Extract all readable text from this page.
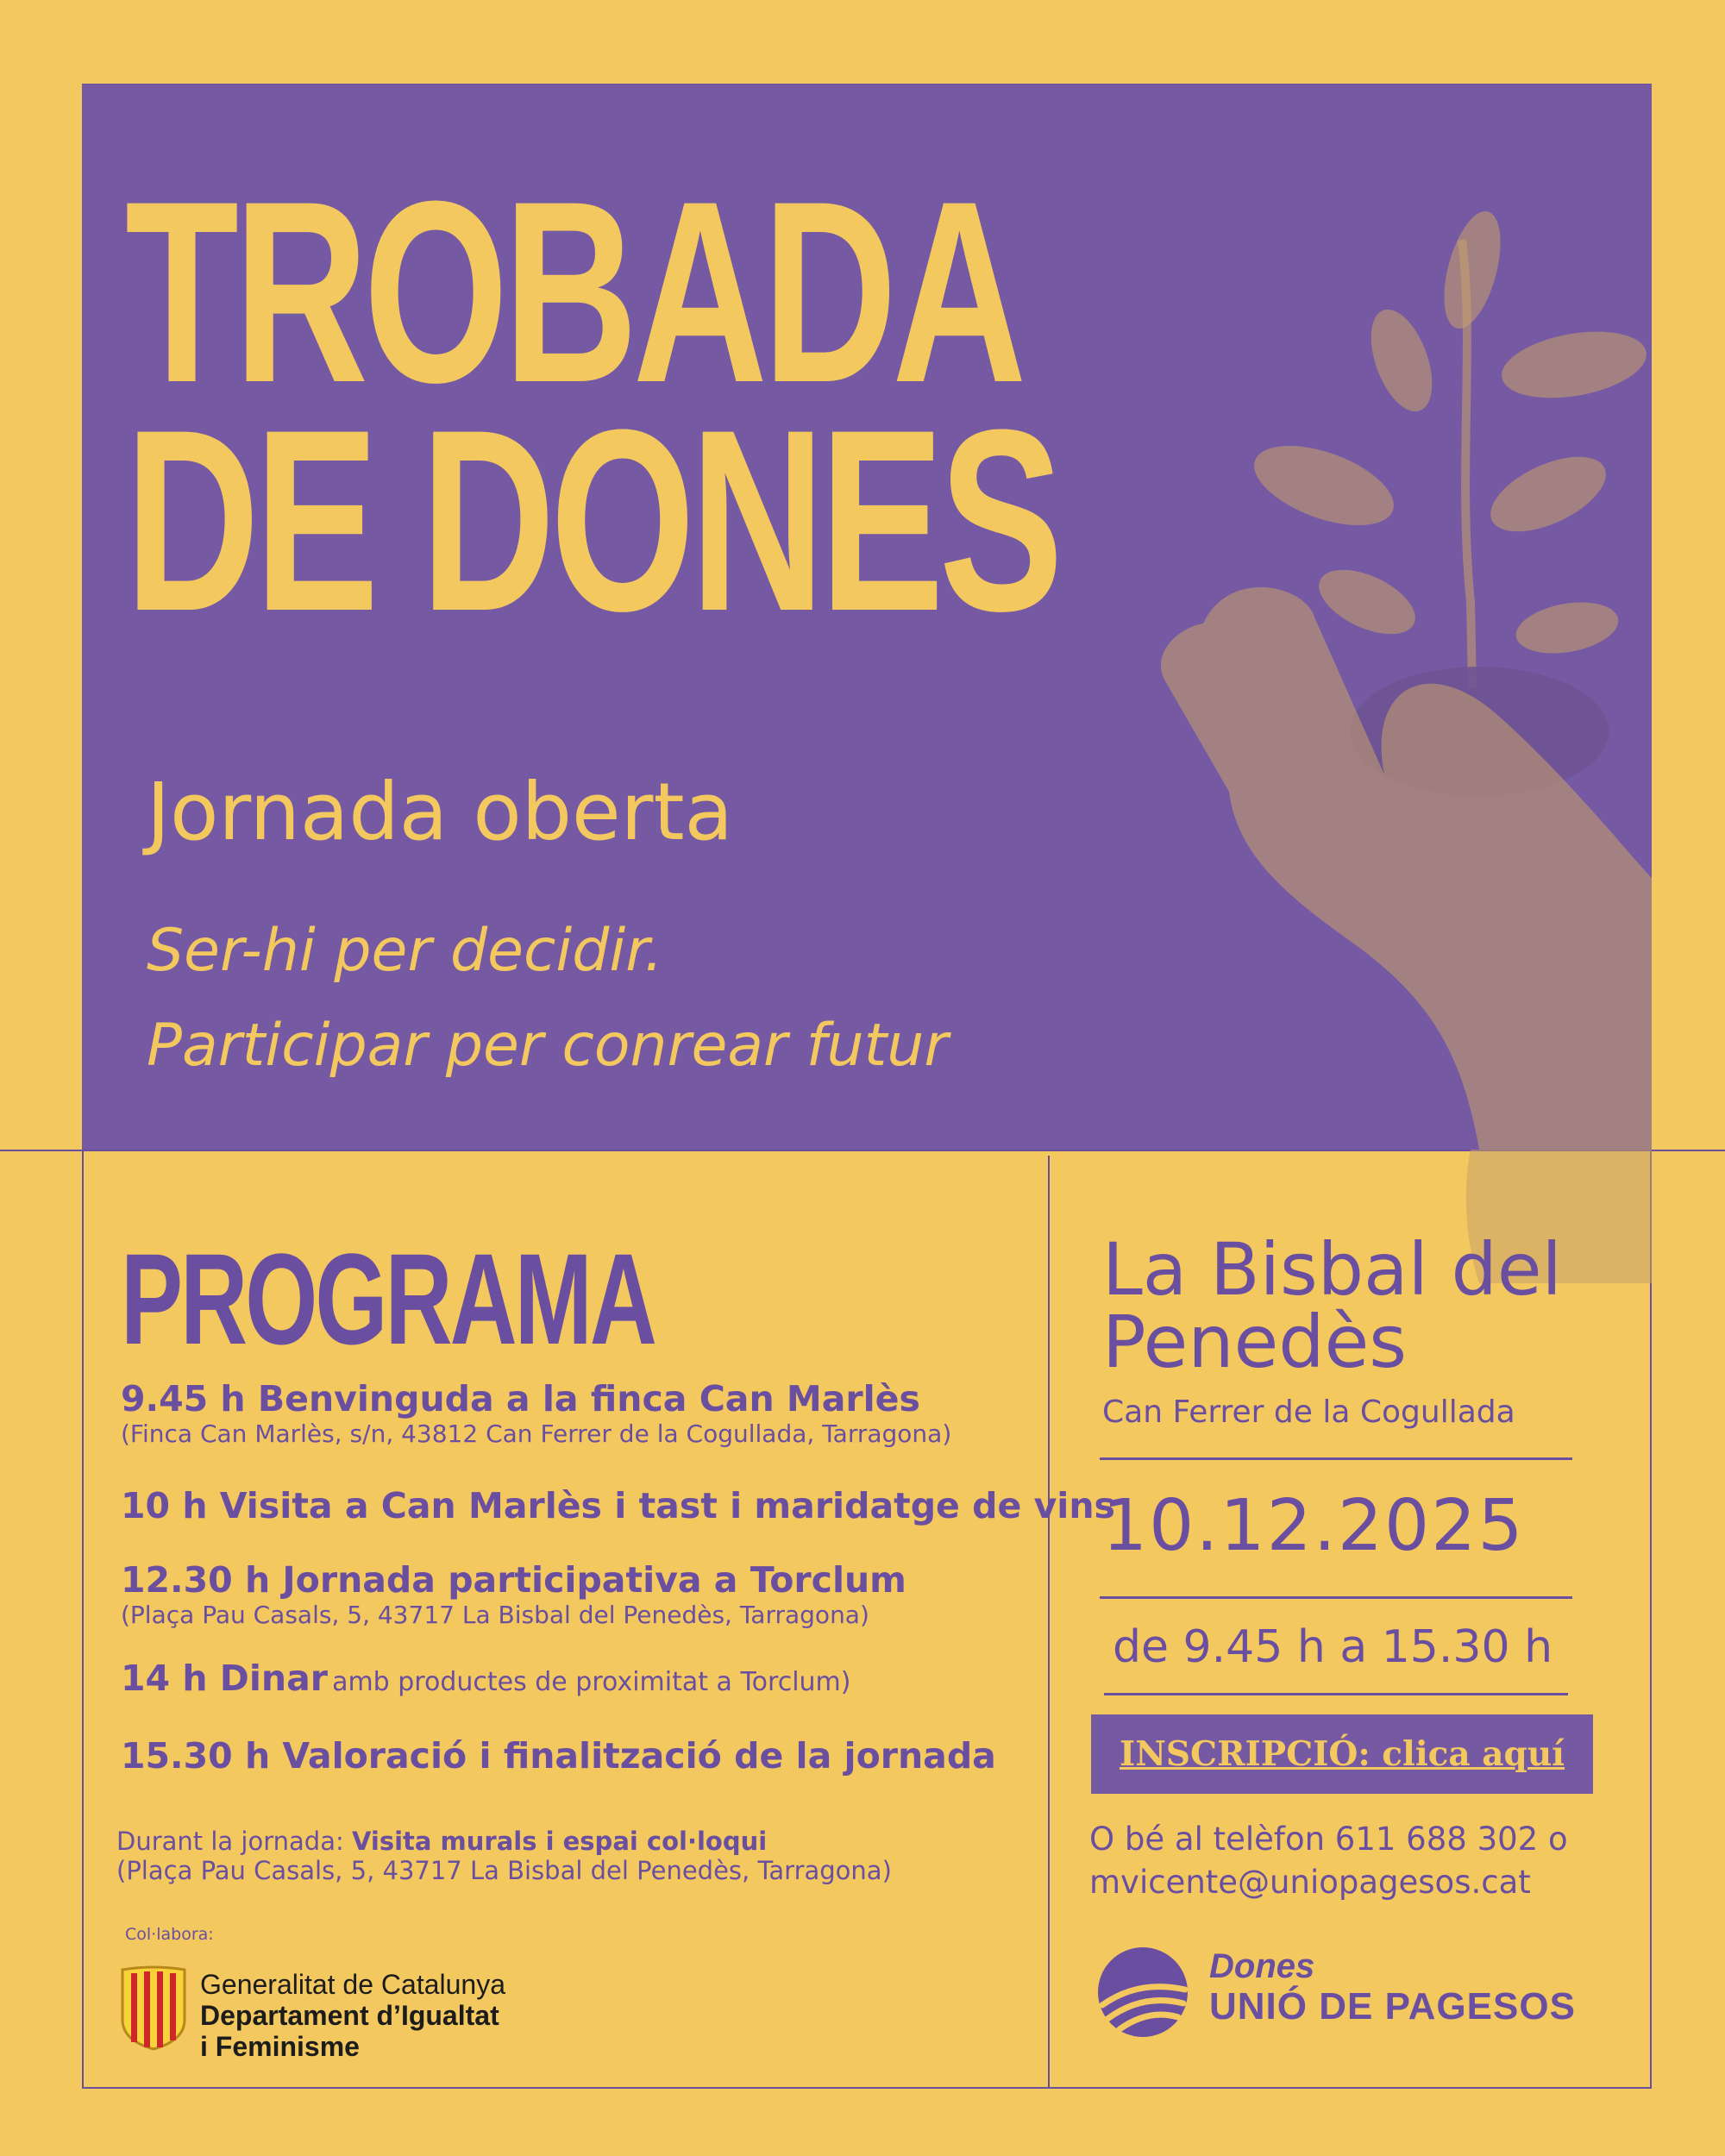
TROBADA
DE DONES
Jornada oberta
Ser-hi per decidir.
Participar per conrear futur
PROGRAMA
9.45 h Benvinguda a la finca Can Marlès
(Finca Can Marlès, s/n, 43812 Can Ferrer de la Cogullada, Tarragona)
10 h Visita a Can Marlès i tast i maridatge de vins
12.30 h Jornada participativa a Torclum
(Plaça Pau Casals, 5, 43717 La Bisbal del Penedès, Tarragona)
14 h Dinar amb productes de proximitat a Torclum)
15.30 h Valoració i finalització de la jornada
Durant la jornada: Visita murals i espai col·loqui
(Plaça Pau Casals, 5, 43717 La Bisbal del Penedès, Tarragona)
Col·labora:
Generalitat de Catalunya
Departament d’Igualtat
i Feminisme
La Bisbal del
Penedès
Can Ferrer de la Cogullada
10.12.2025
de 9.45 h a 15.30 h
INSCRIPCIÓ: clica aquí
O bé al telèfon 611 688 302 o
mvicente@uniopagesos.cat
Dones
UNIÓ DE PAGESOS
